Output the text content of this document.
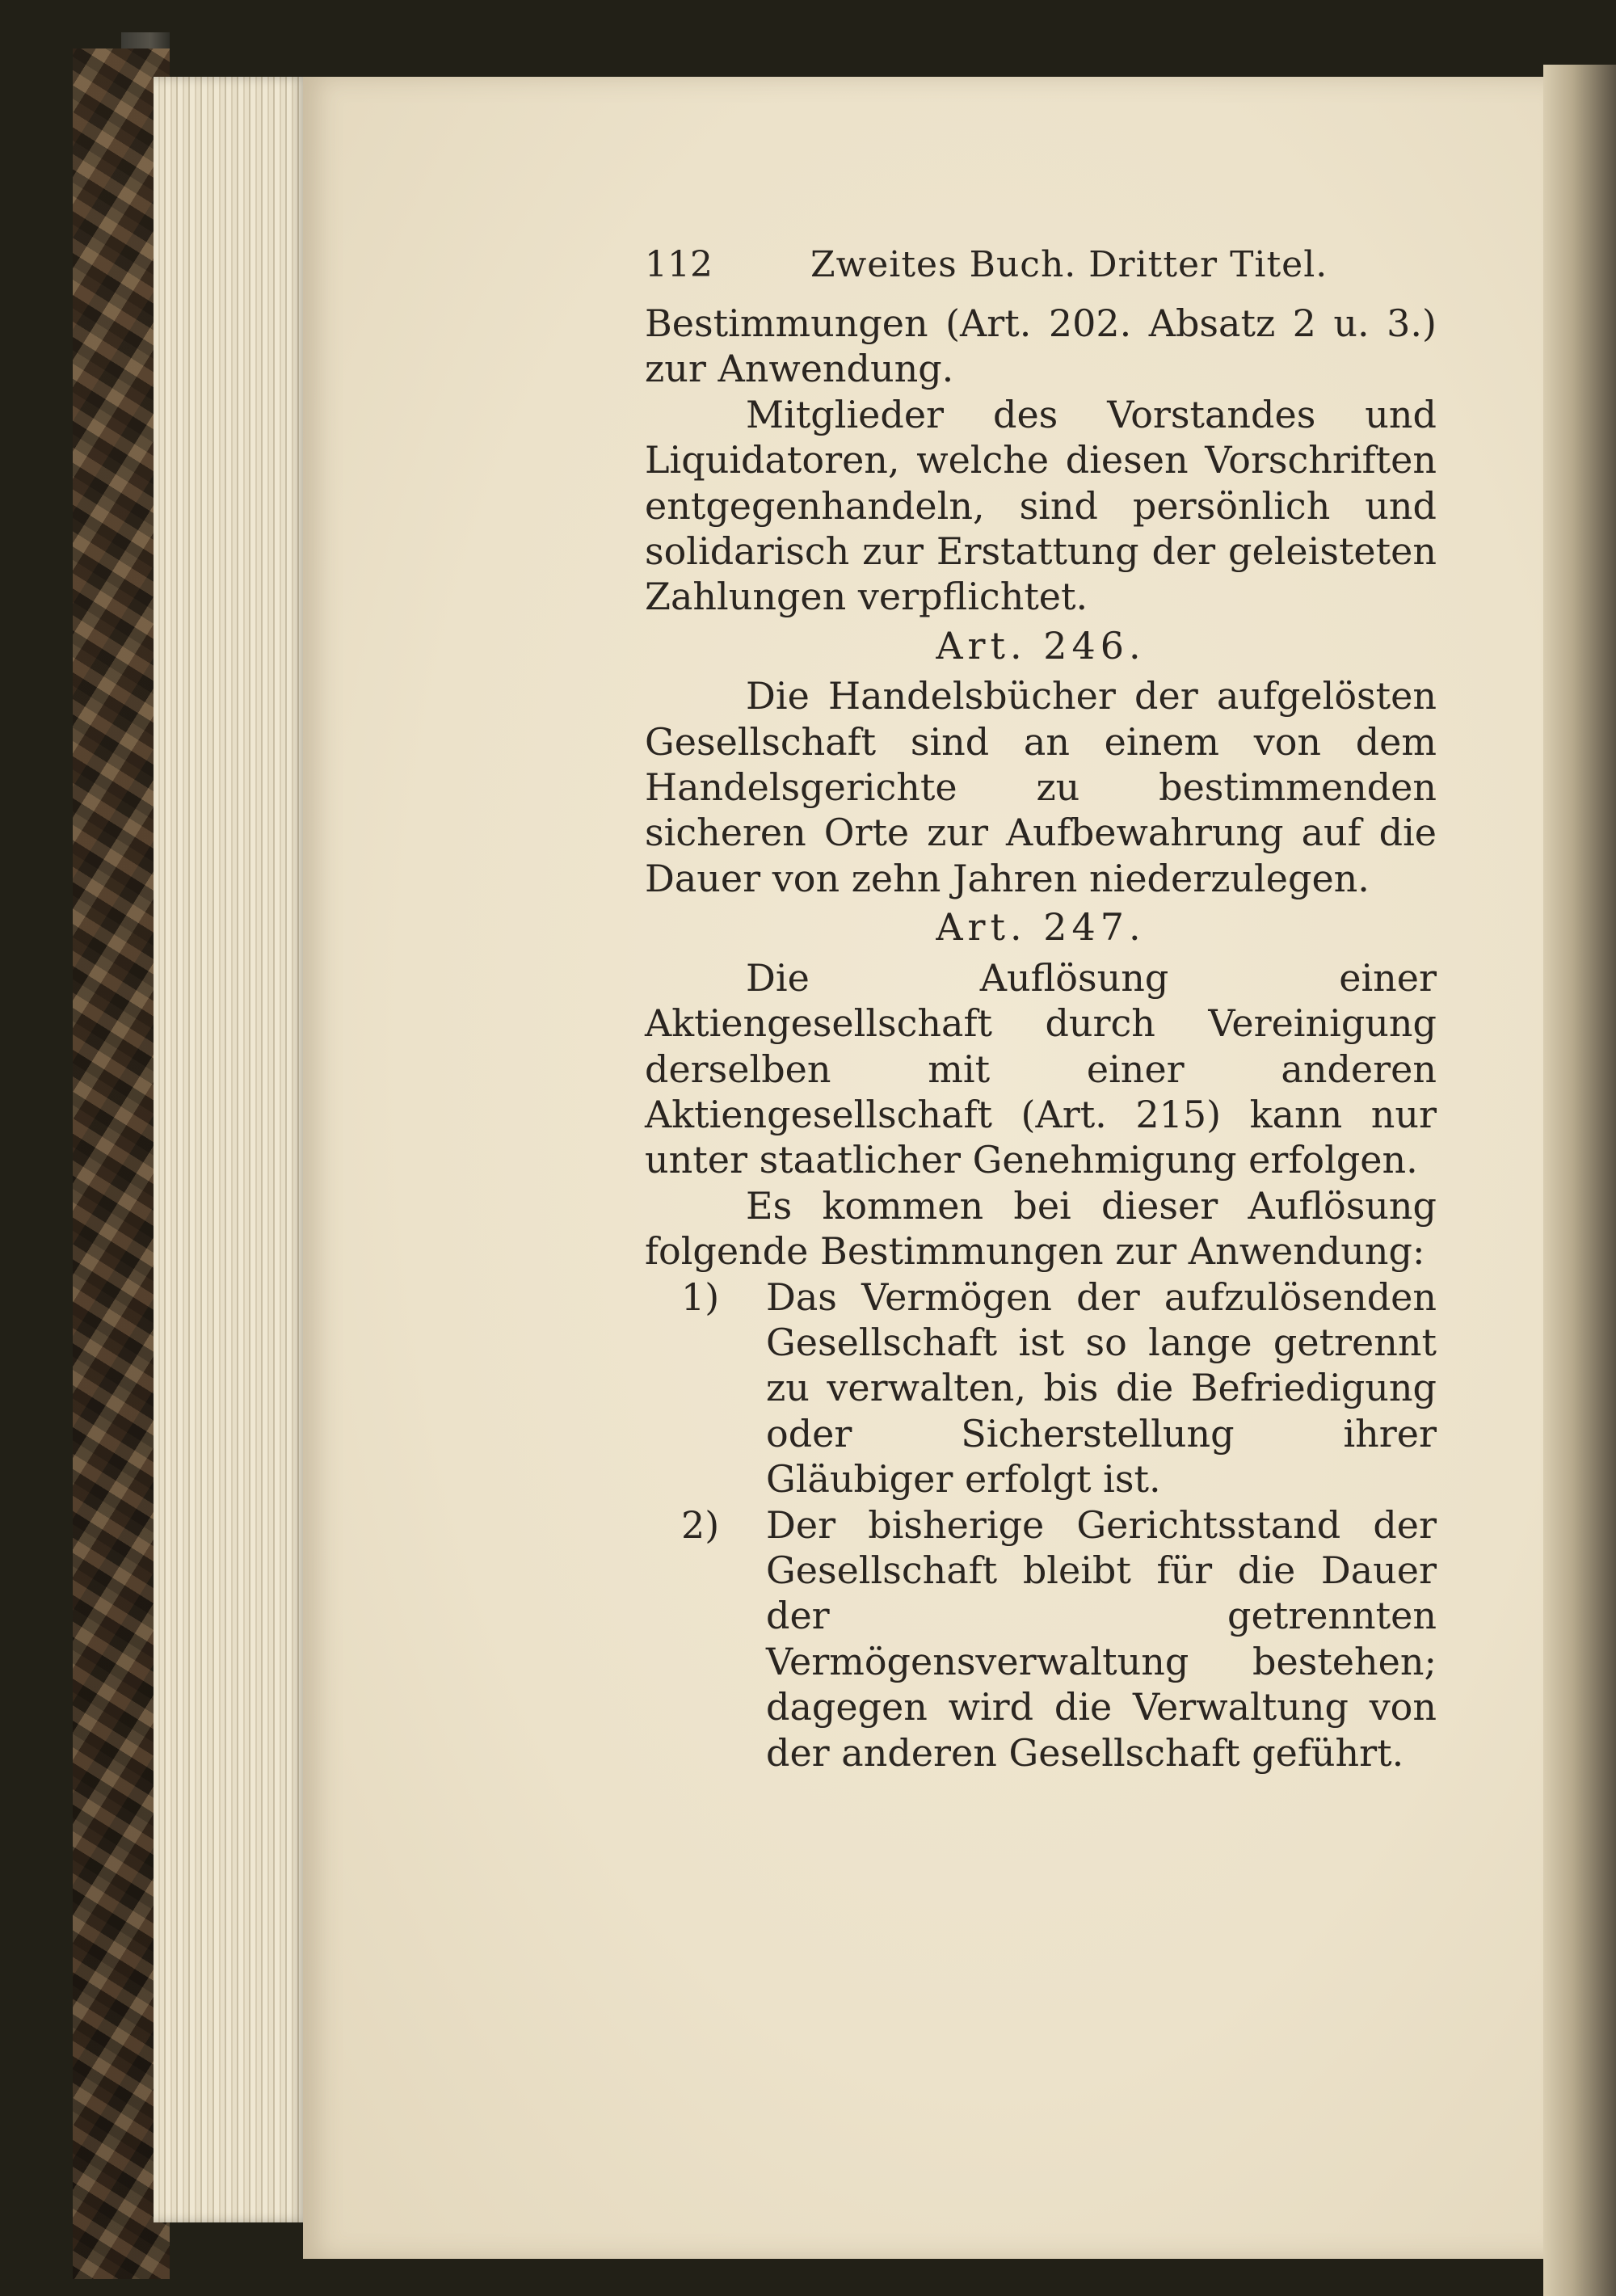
112	Zweites Buch. Dritter Titel.

Bestimmungen (Art. 202. Absatz 2 u. 3.) zur Anwendung.

Mitglieder des Vorstandes und Liquidatoren, welche diesen Vorschriften entgegenhandeln, sind persönlich und solidarisch zur Erstattung der geleisteten Zahlungen verpflichtet.

Art. 246.

Die Handelsbücher der aufgelösten Gesellschaft sind an einem von dem Handelsgerichte zu bestimmenden sicheren Orte zur Aufbewahrung auf die Dauer von zehn Jahren niederzulegen.

Art. 247.

Die Auflösung einer Aktiengesellschaft durch Vereinigung derselben mit einer anderen Aktiengesellschaft (Art. 215) kann nur unter staatlicher Genehmigung erfolgen.

Es kommen bei dieser Auflösung folgende Bestimmungen zur Anwendung:

1) Das Vermögen der aufzulösenden Gesellschaft ist so lange getrennt zu verwalten, bis die Befriedigung oder Sicherstellung ihrer Gläubiger erfolgt ist.
2) Der bisherige Gerichtsstand der Gesellschaft bleibt für die Dauer der getrennten Vermögensverwaltung bestehen; dagegen wird die Verwaltung von der anderen Gesellschaft geführt.
